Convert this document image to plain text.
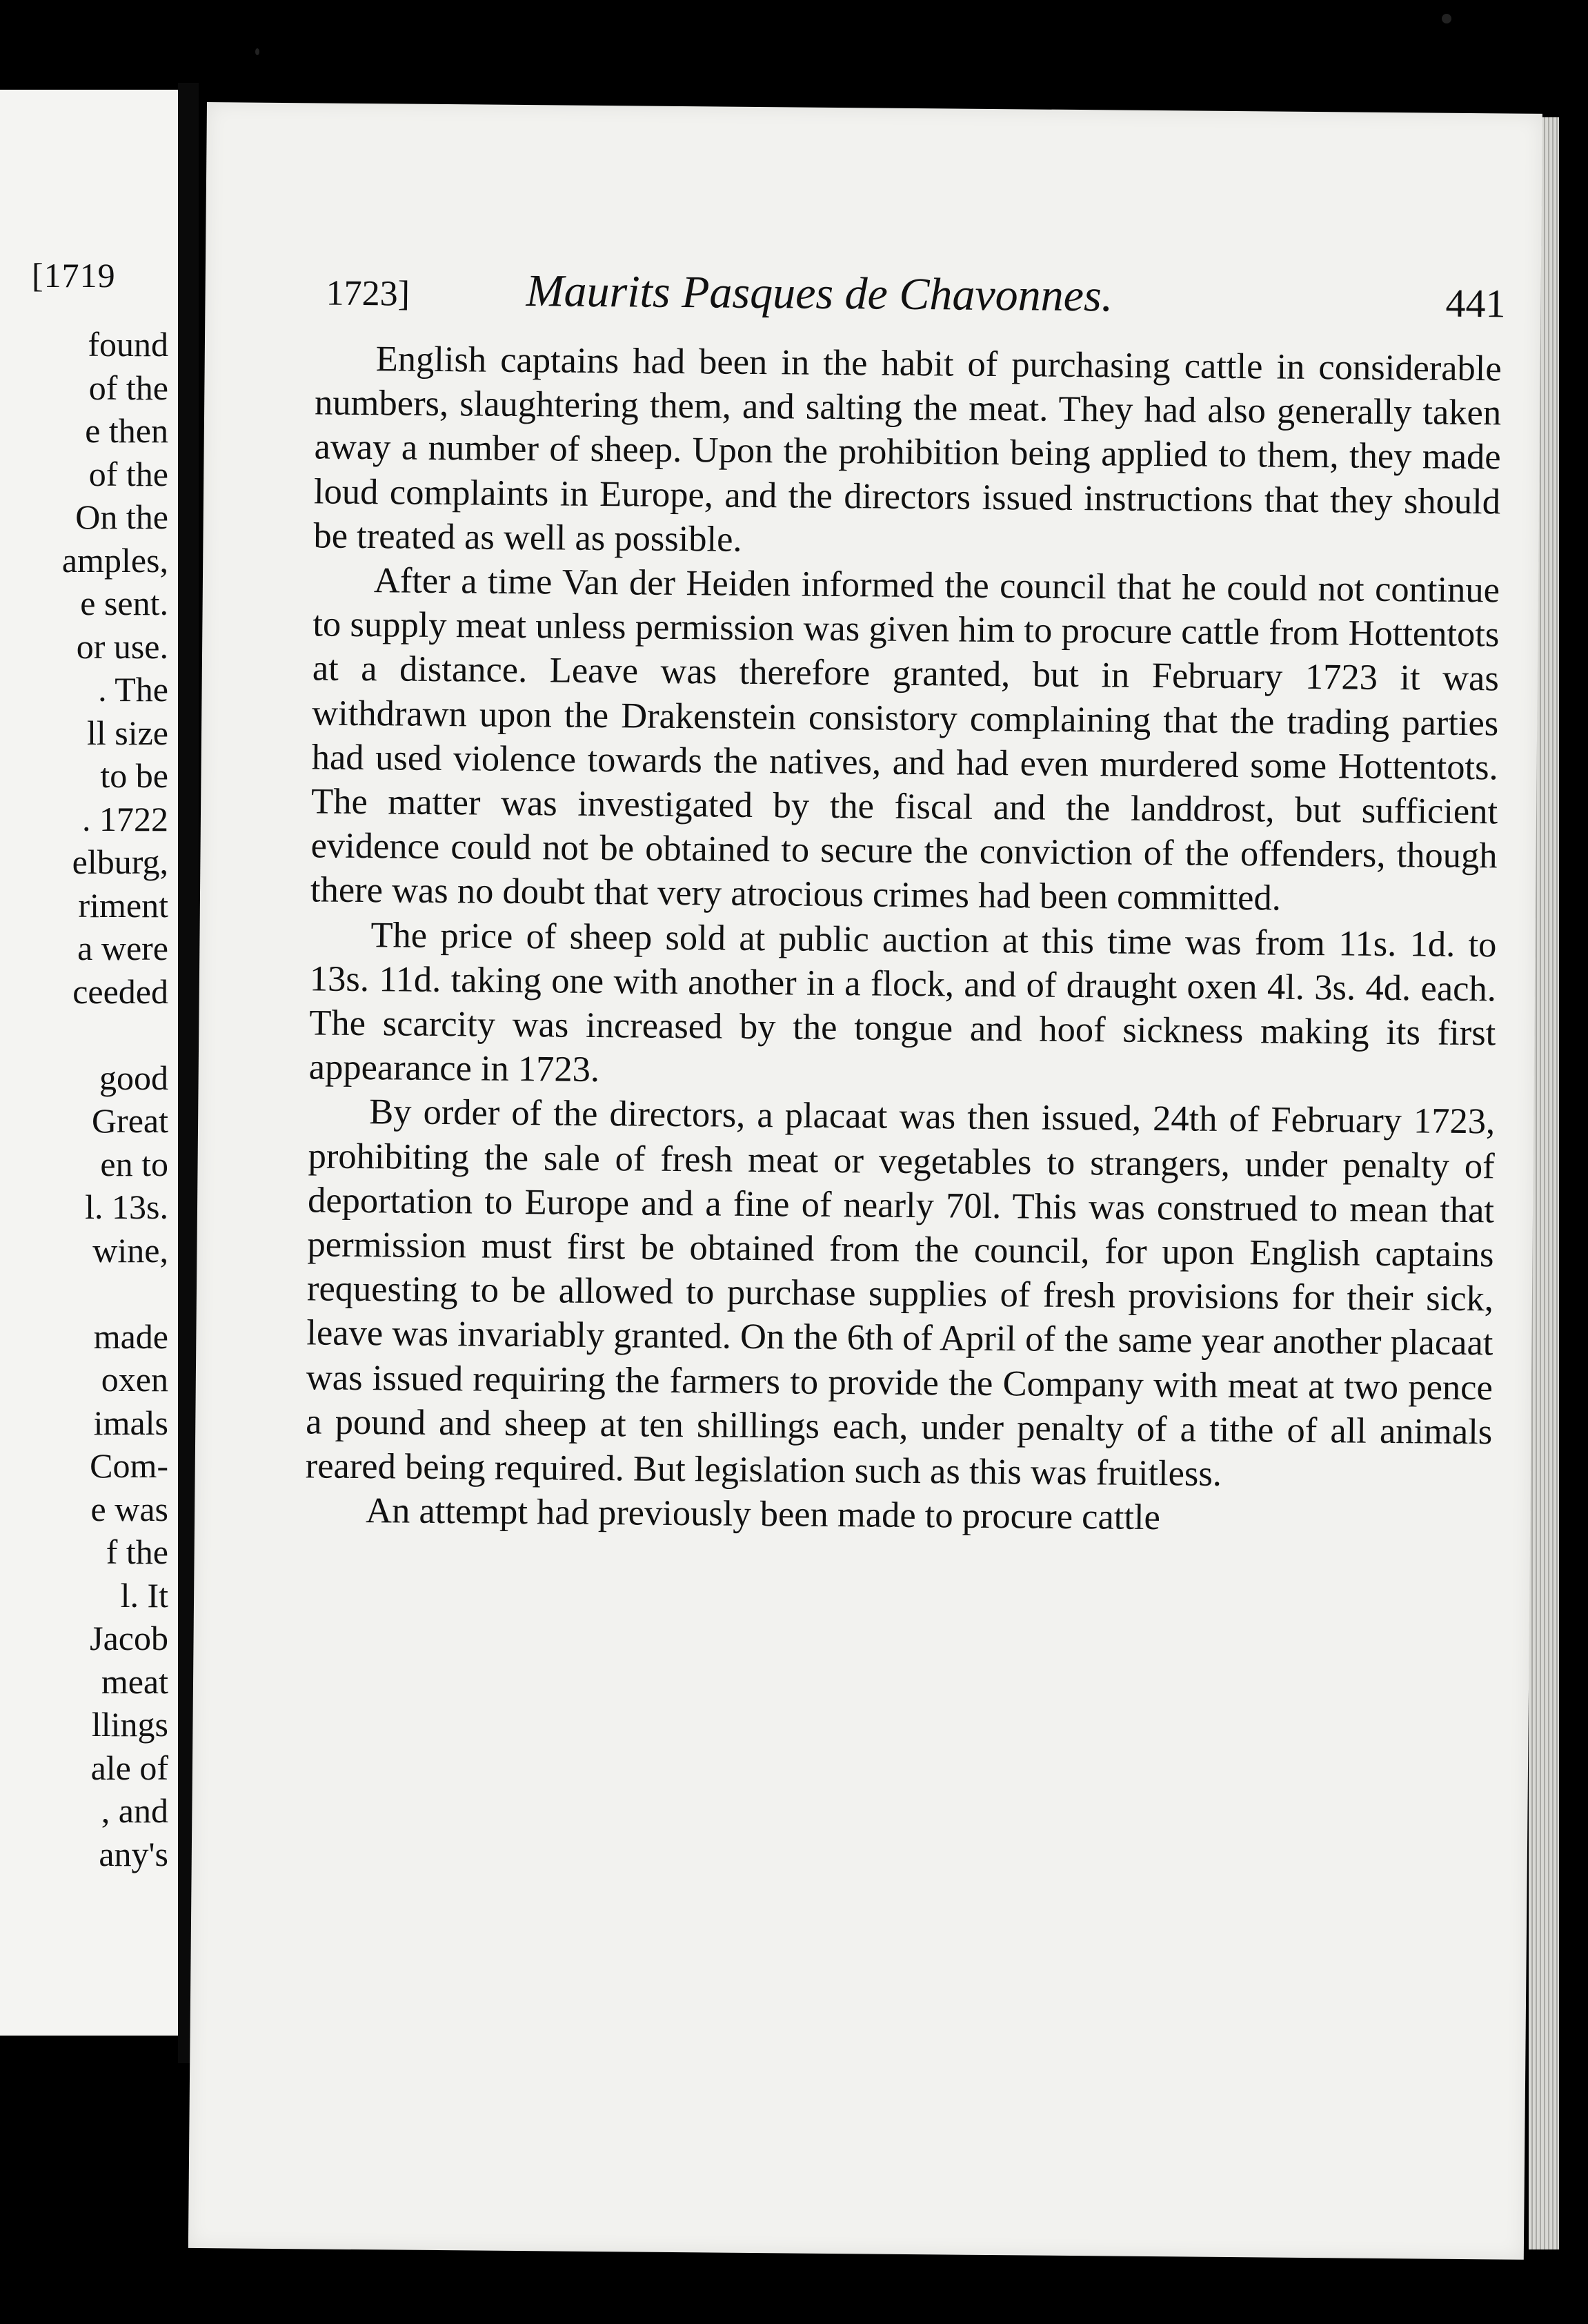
[1719
found
of the
e then
of the
On the
amples,
e sent.
or use.
. The
ll size
to be
. 1722
elburg,
riment
a were
ceeded
good
Great
en to
l. 13s.
wine,
made
oxen
imals
Com-
e was
f the
l. It
Jacob
meat
llings
ale of
, and
any's
1723]	Maurits Pasques de Chavonnes.	441

English captains had been in the habit of purchasing cattle in considerable numbers, slaughtering them, and salting the meat. They had also generally taken away a number of sheep. Upon the prohibition being applied to them, they made loud complaints in Europe, and the directors issued instructions that they should be treated as well as possible.

After a time Van der Heiden informed the council that he could not continue to supply meat unless permission was given him to procure cattle from Hottentots at a distance. Leave was therefore granted, but in February 1723 it was withdrawn upon the Drakenstein consistory complaining that the trading parties had used violence towards the natives, and had even murdered some Hottentots. The matter was investigated by the fiscal and the landdrost, but sufficient evidence could not be obtained to secure the conviction of the offenders, though there was no doubt that very atrocious crimes had been committed.

The price of sheep sold at public auction at this time was from 11s. 1d. to 13s. 11d. taking one with another in a flock, and of draught oxen 4l. 3s. 4d. each. The scarcity was increased by the tongue and hoof sickness making its first appearance in 1723.

By order of the directors, a placaat was then issued, 24th of February 1723, prohibiting the sale of fresh meat or vegetables to strangers, under penalty of deportation to Europe and a fine of nearly 70l. This was construed to mean that permission must first be obtained from the council, for upon English captains requesting to be allowed to purchase supplies of fresh provisions for their sick, leave was invariably granted. On the 6th of April of the same year another placaat was issued requiring the farmers to provide the Company with meat at two pence a pound and sheep at ten shillings each, under penalty of a tithe of all animals reared being required. But legislation such as this was fruitless.

An attempt had previously been made to procure cattle
